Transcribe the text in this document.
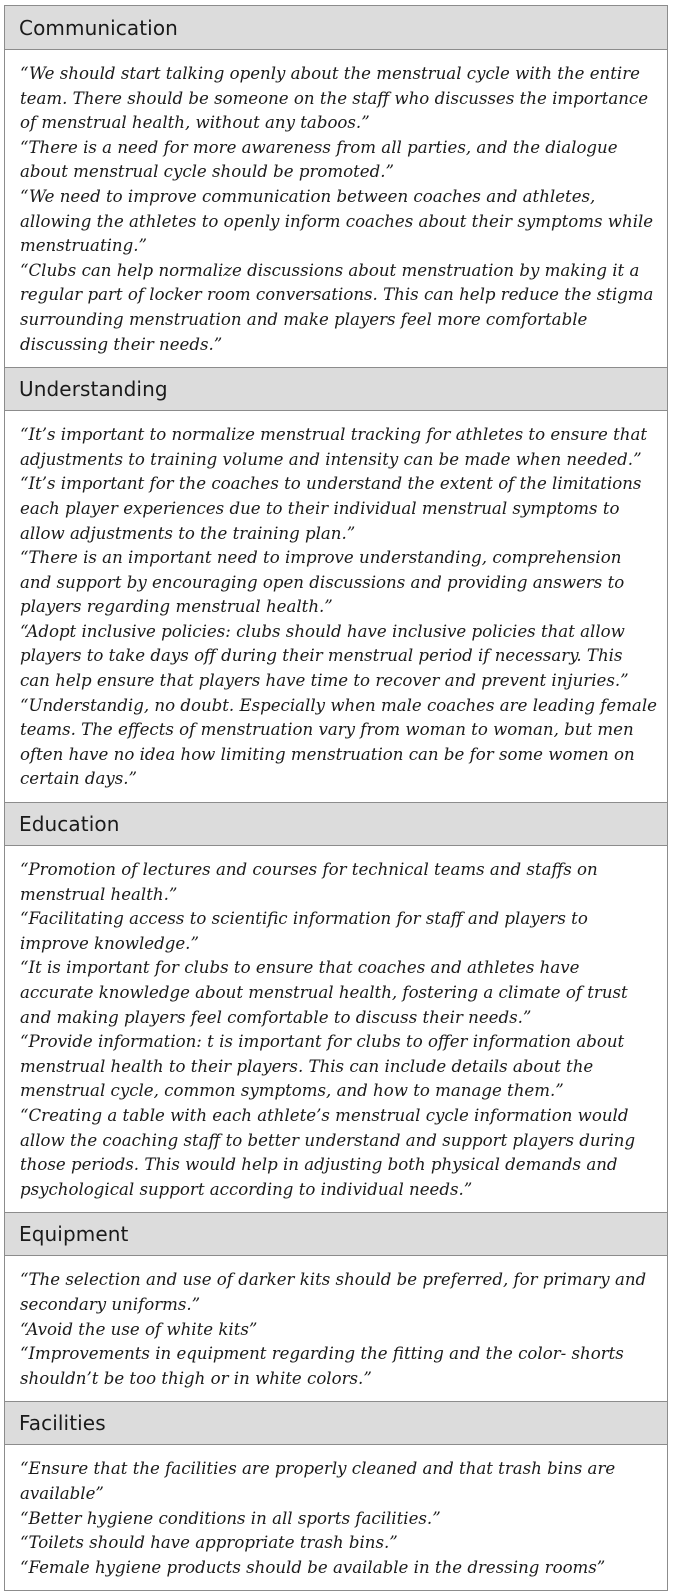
Communication

“We should start talking openly about the menstrual cycle with the entire team. There should be someone on the staff who discusses the importance of menstrual health, without any taboos.”

“There is a need for more awareness from all parties, and the dialogue about menstrual cycle should be promoted.”

“We need to improve communication between coaches and athletes, allowing the athletes to openly inform coaches about their symptoms while menstruating.”

“Clubs can help normalize discussions about menstruation by making it a regular part of locker room conversations. This can help reduce the stigma surrounding menstruation and make players feel more comfortable discussing their needs.”

Understanding

“It’s important to normalize menstrual tracking for athletes to ensure that adjustments to training volume and intensity can be made when needed.”

“It’s important for the coaches to understand the extent of the limitations each player experiences due to their individual menstrual symptoms to allow adjustments to the training plan.”

“There is an important need to improve understanding, comprehension and support by encouraging open discussions and providing answers to players regarding menstrual health.”

“Adopt inclusive policies: clubs should have inclusive policies that allow players to take days off during their menstrual period if necessary. This can help ensure that players have time to recover and prevent injuries.”

“Understandig, no doubt. Especially when male coaches are leading female teams. The effects of menstruation vary from woman to woman, but men often have no idea how limiting menstruation can be for some women on certain days.”

Education

“Promotion of lectures and courses for technical teams and staffs on menstrual health.”

“Facilitating access to scientific information for staff and players to improve knowledge.”

“It is important for clubs to ensure that coaches and athletes have accurate knowledge about menstrual health, fostering a climate of trust and making players feel comfortable to discuss their needs.”

“Provide information: t is important for clubs to offer information about menstrual health to their players. This can include details about the menstrual cycle, common symptoms, and how to manage them.”

“Creating a table with each athlete’s menstrual cycle information would allow the coaching staff to better understand and support players during those periods. This would help in adjusting both physical demands and psychological support according to individual needs.”

Equipment

“The selection and use of darker kits should be preferred, for primary and secondary uniforms.”

“Avoid the use of white kits”

“Improvements in equipment regarding the fitting and the color- shorts shouldn’t be too thigh or in white colors.”

Facilities

“Ensure that the facilities are properly cleaned and that trash bins are available”

“Better hygiene conditions in all sports facilities.”

“Toilets should have appropriate trash bins.”

“Female hygiene products should be available in the dressing rooms”
